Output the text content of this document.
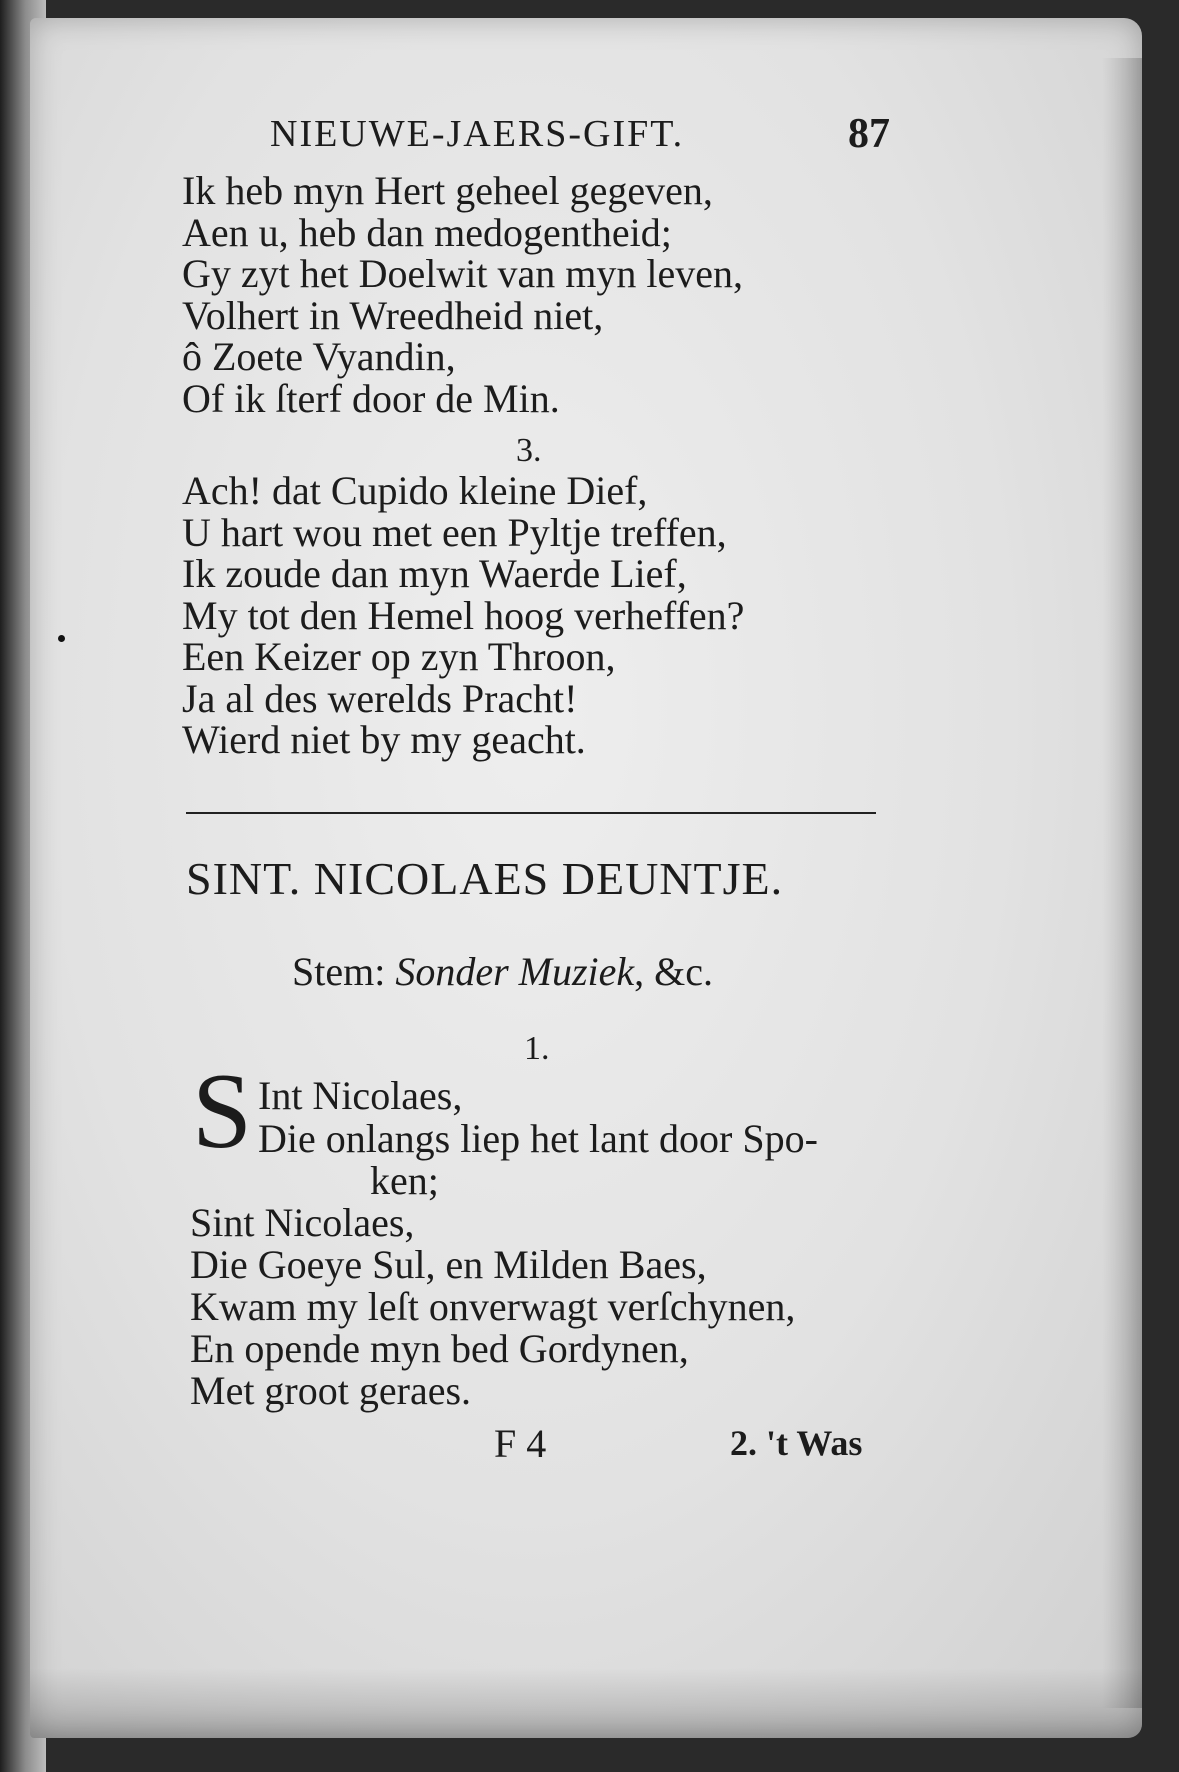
NIEUWE-JAERS-GIFT.	87
Ik heb myn Hert geheel gegeven,
Aen u, heb dan medogentheid;
Gy zyt het Doelwit van myn leven,
Volhert in Wreedheid niet,
ô Zoete Vyandin,
Of ik ſterf door de Min.
3.
Ach! dat Cupido kleine Dief,
U hart wou met een Pyltje treffen,
Ik zoude dan myn Waerde Lief,
My tot den Hemel hoog verheffen?
Een Keizer op zyn Throon,
Ja al des werelds Pracht!
Wierd niet by my geacht.
SINT. NICOLAES DEUNTJE.
Stem: Sonder Muziek, &c.
1.
S Int Nicolaes,
Die onlangs liep het lant door Spo-
ken;
Sint Nicolaes,
Die Goeye Sul, en Milden Baes,
Kwam my leſt onverwagt verſchynen,
En opende myn bed Gordynen,
Met groot geraes.
F 4	2. 't Was
